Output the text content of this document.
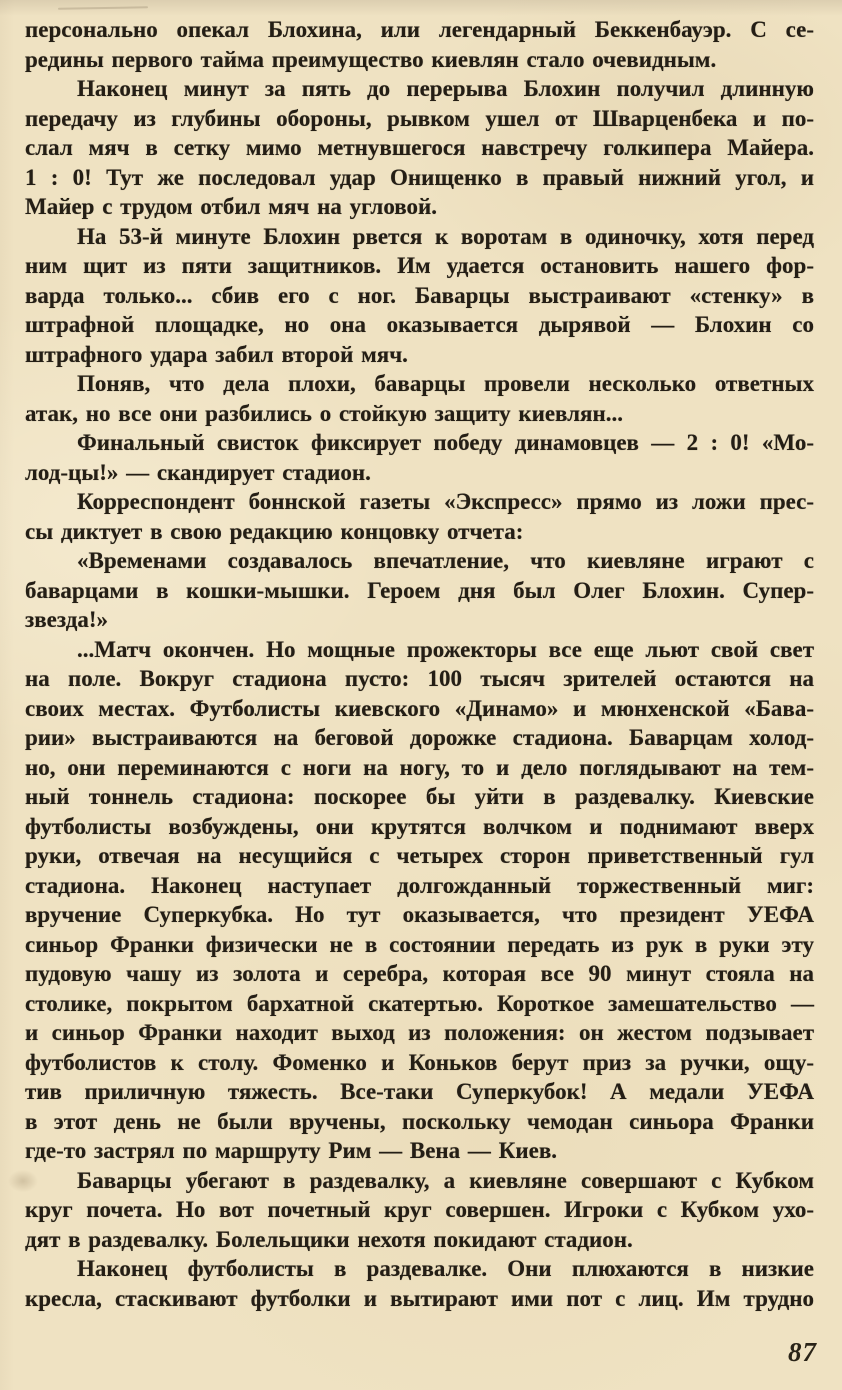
персонально опекал Блохина, или легендарный Беккенбауэр. С се-
редины первого тайма преимущество киевлян стало очевидным.
Наконец минут за пять до перерыва Блохин получил длинную
передачу из глубины обороны, рывком ушел от Шварценбека и по-
слал мяч в сетку мимо метнувшегося навстречу голкипера Майера.
1 : 0! Тут же последовал удар Онищенко в правый нижний угол, и
Майер с трудом отбил мяч на угловой.
На 53-й минуте Блохин рвется к воротам в одиночку, хотя перед
ним щит из пяти защитников. Им удается остановить нашего фор-
варда только... сбив его с ног. Баварцы выстраивают «стенку» в
штрафной площадке, но она оказывается дырявой — Блохин со
штрафного удара забил второй мяч.
Поняв, что дела плохи, баварцы провели несколько ответных
атак, но все они разбились о стойкую защиту киевлян...
Финальный свисток фиксирует победу динамовцев — 2 : 0! «Мо-
лод-цы!» — скандирует стадион.
Корреспондент боннской газеты «Экспресс» прямо из ложи прес-
сы диктует в свою редакцию концовку отчета:
«Временами создавалось впечатление, что киевляне играют с
баварцами в кошки-мышки. Героем дня был Олег Блохин. Супер-
звезда!»
...Матч окончен. Но мощные прожекторы все еще льют свой свет
на поле. Вокруг стадиона пусто: 100 тысяч зрителей остаются на
своих местах. Футболисты киевского «Динамо» и мюнхенской «Бава-
рии» выстраиваются на беговой дорожке стадиона. Баварцам холод-
но, они переминаются с ноги на ногу, то и дело поглядывают на тем-
ный тоннель стадиона: поскорее бы уйти в раздевалку. Киевские
футболисты возбуждены, они крутятся волчком и поднимают вверх
руки, отвечая на несущийся с четырех сторон приветственный гул
стадиона. Наконец наступает долгожданный торжественный миг:
вручение Суперкубка. Но тут оказывается, что президент УЕФА
синьор Франки физически не в состоянии передать из рук в руки эту
пудовую чашу из золота и серебра, которая все 90 минут стояла на
столике, покрытом бархатной скатертью. Короткое замешательство —
и синьор Франки находит выход из положения: он жестом подзывает
футболистов к столу. Фоменко и Коньков берут приз за ручки, ощу-
тив приличную тяжесть. Все-таки Суперкубок! А медали УЕФА
в этот день не были вручены, поскольку чемодан синьора Франки
где-то застрял по маршруту Рим — Вена — Киев.
Баварцы убегают в раздевалку, а киевляне совершают с Кубком
круг почета. Но вот почетный круг совершен. Игроки с Кубком ухо-
дят в раздевалку. Болельщики нехотя покидают стадион.
Наконец футболисты в раздевалке. Они плюхаются в низкие
кресла, стаскивают футболки и вытирают ими пот с лиц. Им трудно
87
